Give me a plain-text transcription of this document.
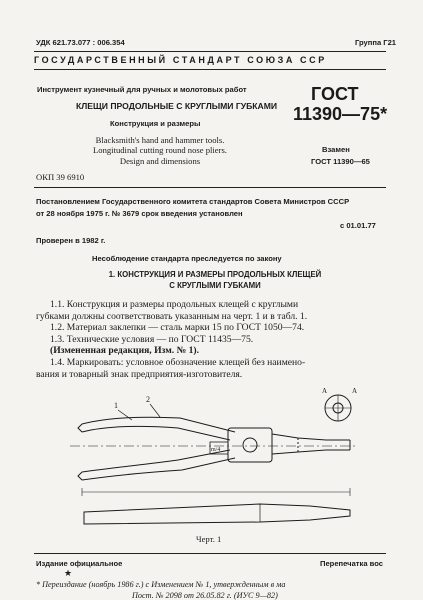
УДК 621.73.077 : 006.354	Группа Г21
ГОСУДАРСТВЕННЫЙ СТАНДАРТ СОЮЗА ССР
Инструмент кузнечный для ручных и молотовых работ
КЛЕЩИ ПРОДОЛЬНЫЕ С КРУГЛЫМИ ГУБКАМИ
Конструкция и размеры
Blacksmith's hand and hammer tools.
Longitudinal cutting round nose pliers.
Design and dimensions
ГОСТ
11390—75*
Взамен
ГОСТ 11390—65
ОКП 39 6910
Постановлением Государственного комитета стандартов Совета Министров СССР
от 28 ноября 1975 г. № 3679 срок введения установлен
с 01.01.77
Проверен в 1982 г.
Несоблюдение стандарта преследуется по закону
1. КОНСТРУКЦИЯ И РАЗМЕРЫ ПРОДОЛЬНЫХ КЛЕЩЕЙ
С КРУГЛЫМИ ГУБКАМИ
1.1. Конструкция и размеры продольных клещей с круглыми
губками должны соответствовать указанным на черт. 1 и в табл. 1.
1.2. Материал заклепки — сталь марки 15 по ГОСТ 1050—74.
1.3. Технические условия — по ГОСТ 11435—75.
(Измененная редакция, Изм. № 1).
1.4. Маркировать: условное обозначение клещей без наимено-
вания и товарный знак предприятия-изготовителя.
1
2
m/4
A	A
Черт. 1
Издание официальное	Перепечатка вос
★
* Переиздание (ноябрь 1986 г.) с Изменением № 1, утвержденным в ма
Пост. № 2098 от 26.05.82 г. (ИУС 9—82)
